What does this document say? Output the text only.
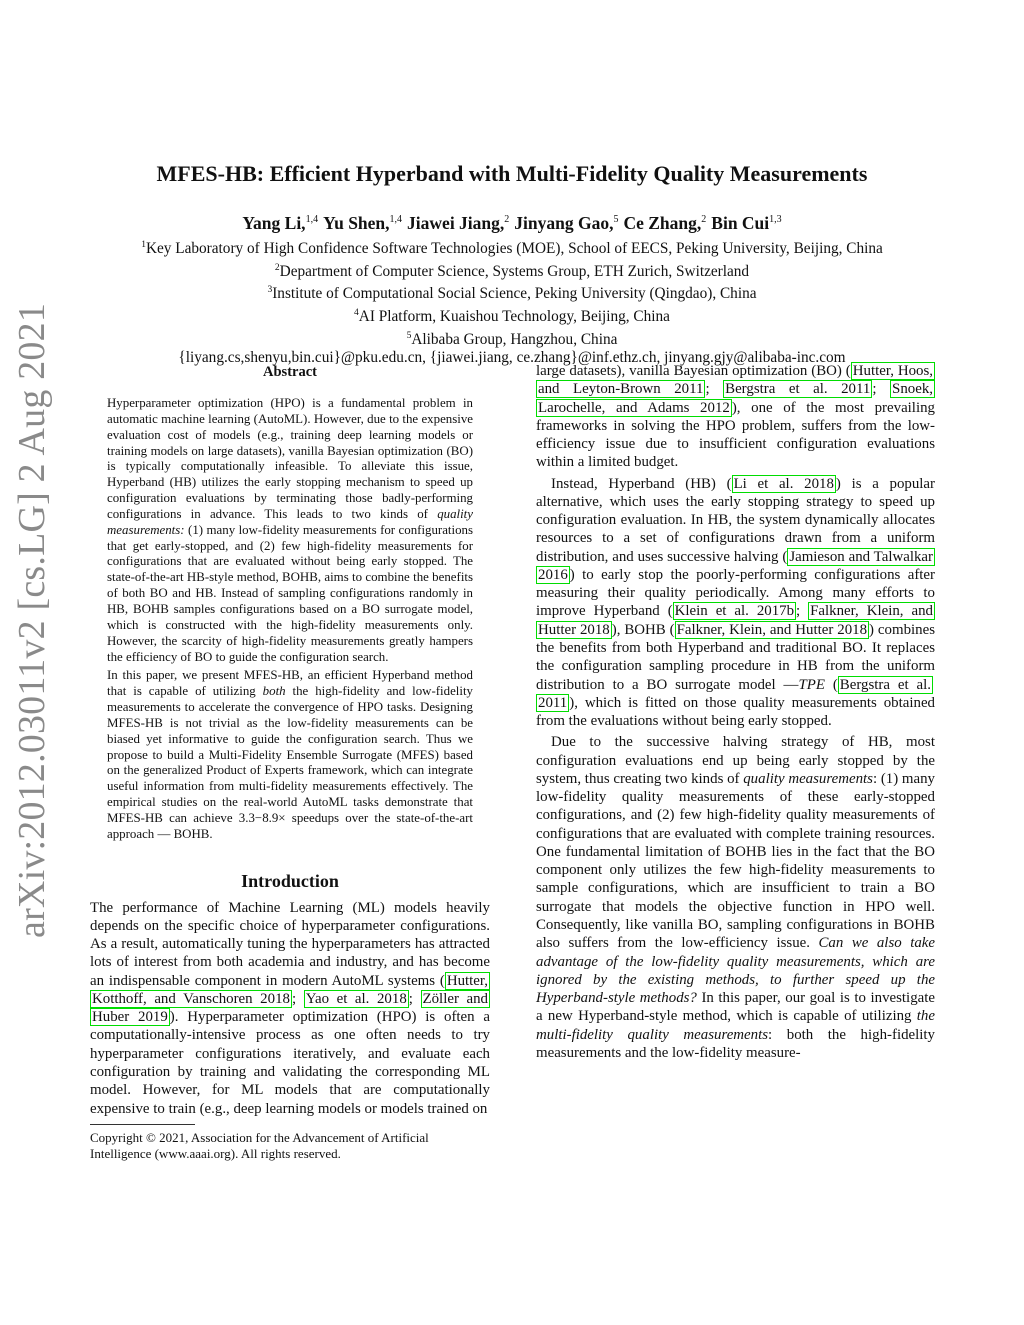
arXiv:2012.03011v2 [cs.LG] 2 Aug 2021
MFES-HB: Efficient Hyperband with Multi-Fidelity Quality Measurements
Yang Li,$^{1,4}$ Yu Shen,$^{1,4}$ Jiawei Jiang,$^2$ Jinyang Gao,$^5$ Ce Zhang,$^2$ Bin Cui$^{1,3}$
$^1$Key Laboratory of High Confidence Software Technologies (MOE), School of EECS, Peking University, Beijing, China
$^2$Department of Computer Science, Systems Group, ETH Zurich, Switzerland
$^3$Institute of Computational Social Science, Peking University (Qingdao), China
$^4$AI Platform, Kuaishou Technology, Beijing, China
$^5$Alibaba Group, Hangzhou, China
{liyang.cs,shenyu,bin.cui}@pku.edu.cn, {jiawei.jiang, ce.zhang}@inf.ethz.ch, jinyang.gjy@alibaba-inc.com
Abstract

Hyperparameter optimization (HPO) is a fundamental problem in automatic machine learning (AutoML). However, due to the expensive evaluation cost of models (e.g., training deep learning models or training models on large datasets), vanilla Bayesian optimization (BO) is typically computationally infeasible. To alleviate this issue, Hyperband (HB) utilizes the early stopping mechanism to speed up configuration evaluations by terminating those badly-performing configurations in advance. This leads to two kinds of quality measurements: (1) many low-fidelity measurements for configurations that get early-stopped, and (2) few high-fidelity measurements for configurations that are evaluated without being early stopped. The state-of-the-art HB-style method, BOHB, aims to combine the benefits of both BO and HB. Instead of sampling configurations randomly in HB, BOHB samples configurations based on a BO surrogate model, which is constructed with the high-fidelity measurements only. However, the scarcity of high-fidelity measurements greatly hampers the efficiency of BO to guide the configuration search.

In this paper, we present MFES-HB, an efficient Hyperband method that is capable of utilizing both the high-fidelity and low-fidelity measurements to accelerate the convergence of HPO tasks. Designing MFES-HB is not trivial as the low-fidelity measurements can be biased yet informative to guide the configuration search. Thus we propose to build a Multi-Fidelity Ensemble Surrogate (MFES) based on the generalized Product of Experts framework, which can integrate useful information from multi-fidelity measurements effectively. The empirical studies on the real-world AutoML tasks demonstrate that MFES-HB can achieve 3.3−8.9× speedups over the state-of-the-art approach — BOHB.

Introduction

The performance of Machine Learning (ML) models heavily depends on the specific choice of hyperparameter configurations. As a result, automatically tuning the hyperparameters has attracted lots of interest from both academia and industry, and has become an indispensable component in modern AutoML systems ( Hutter, Kotthoff, and Vanschoren 2018 ; Yao et al. 2018 ; Zöller and Huber 2019 ). Hyperparameter optimization (HPO) is often a computationally-intensive process as one often needs to try hyperparameter configurations iteratively, and evaluate each configuration by training and validating the corresponding ML model. However, for ML models that are computationally expensive to train (e.g., deep learning models or models trained on

Copyright © 2021, Association for the Advancement of Artificial Intelligence (www.aaai.org). All rights reserved.

large datasets), vanilla Bayesian optimization (BO) ( Hutter, Hoos, and Leyton-Brown 2011 ; Bergstra et al. 2011 ; Snoek, Larochelle, and Adams 2012 ), one of the most prevailing frameworks in solving the HPO problem, suffers from the low-efficiency issue due to insufficient configuration evaluations within a limited budget.

Instead, Hyperband (HB) ( Li et al. 2018 ) is a popular alternative, which uses the early stopping strategy to speed up configuration evaluation. In HB, the system dynamically allocates resources to a set of configurations drawn from a uniform distribution, and uses successive halving ( Jamieson and Talwalkar 2016 ) to early stop the poorly-performing configurations after measuring their quality periodically. Among many efforts to improve Hyperband ( Klein et al. 2017b ; Falkner, Klein, and Hutter 2018 ), BOHB ( Falkner, Klein, and Hutter 2018 ) combines the benefits from both Hyperband and traditional BO. It replaces the configuration sampling procedure in HB from the uniform distribution to a BO surrogate model —TPE ( Bergstra et al. 2011 ), which is fitted on those quality measurements obtained from the evaluations without being early stopped.

Due to the successive halving strategy of HB, most configuration evaluations end up being early stopped by the system, thus creating two kinds of quality measurements: (1) many low-fidelity quality measurements of these early-stopped configurations, and (2) few high-fidelity quality measurements of configurations that are evaluated with complete training resources. One fundamental limitation of BOHB lies in the fact that the BO component only utilizes the few high-fidelity measurements to sample configurations, which are insufficient to train a BO surrogate that models the objective function in HPO well. Consequently, like vanilla BO, sampling configurations in BOHB also suffers from the low-efficiency issue. Can we also take advantage of the low-fidelity quality measurements, which are ignored by the existing methods, to further speed up the Hyperband-style methods? In this paper, our goal is to investigate a new Hyperband-style method, which is capable of utilizing the multi-fidelity quality measurements: both the high-fidelity measurements and the low-fidelity measure-
